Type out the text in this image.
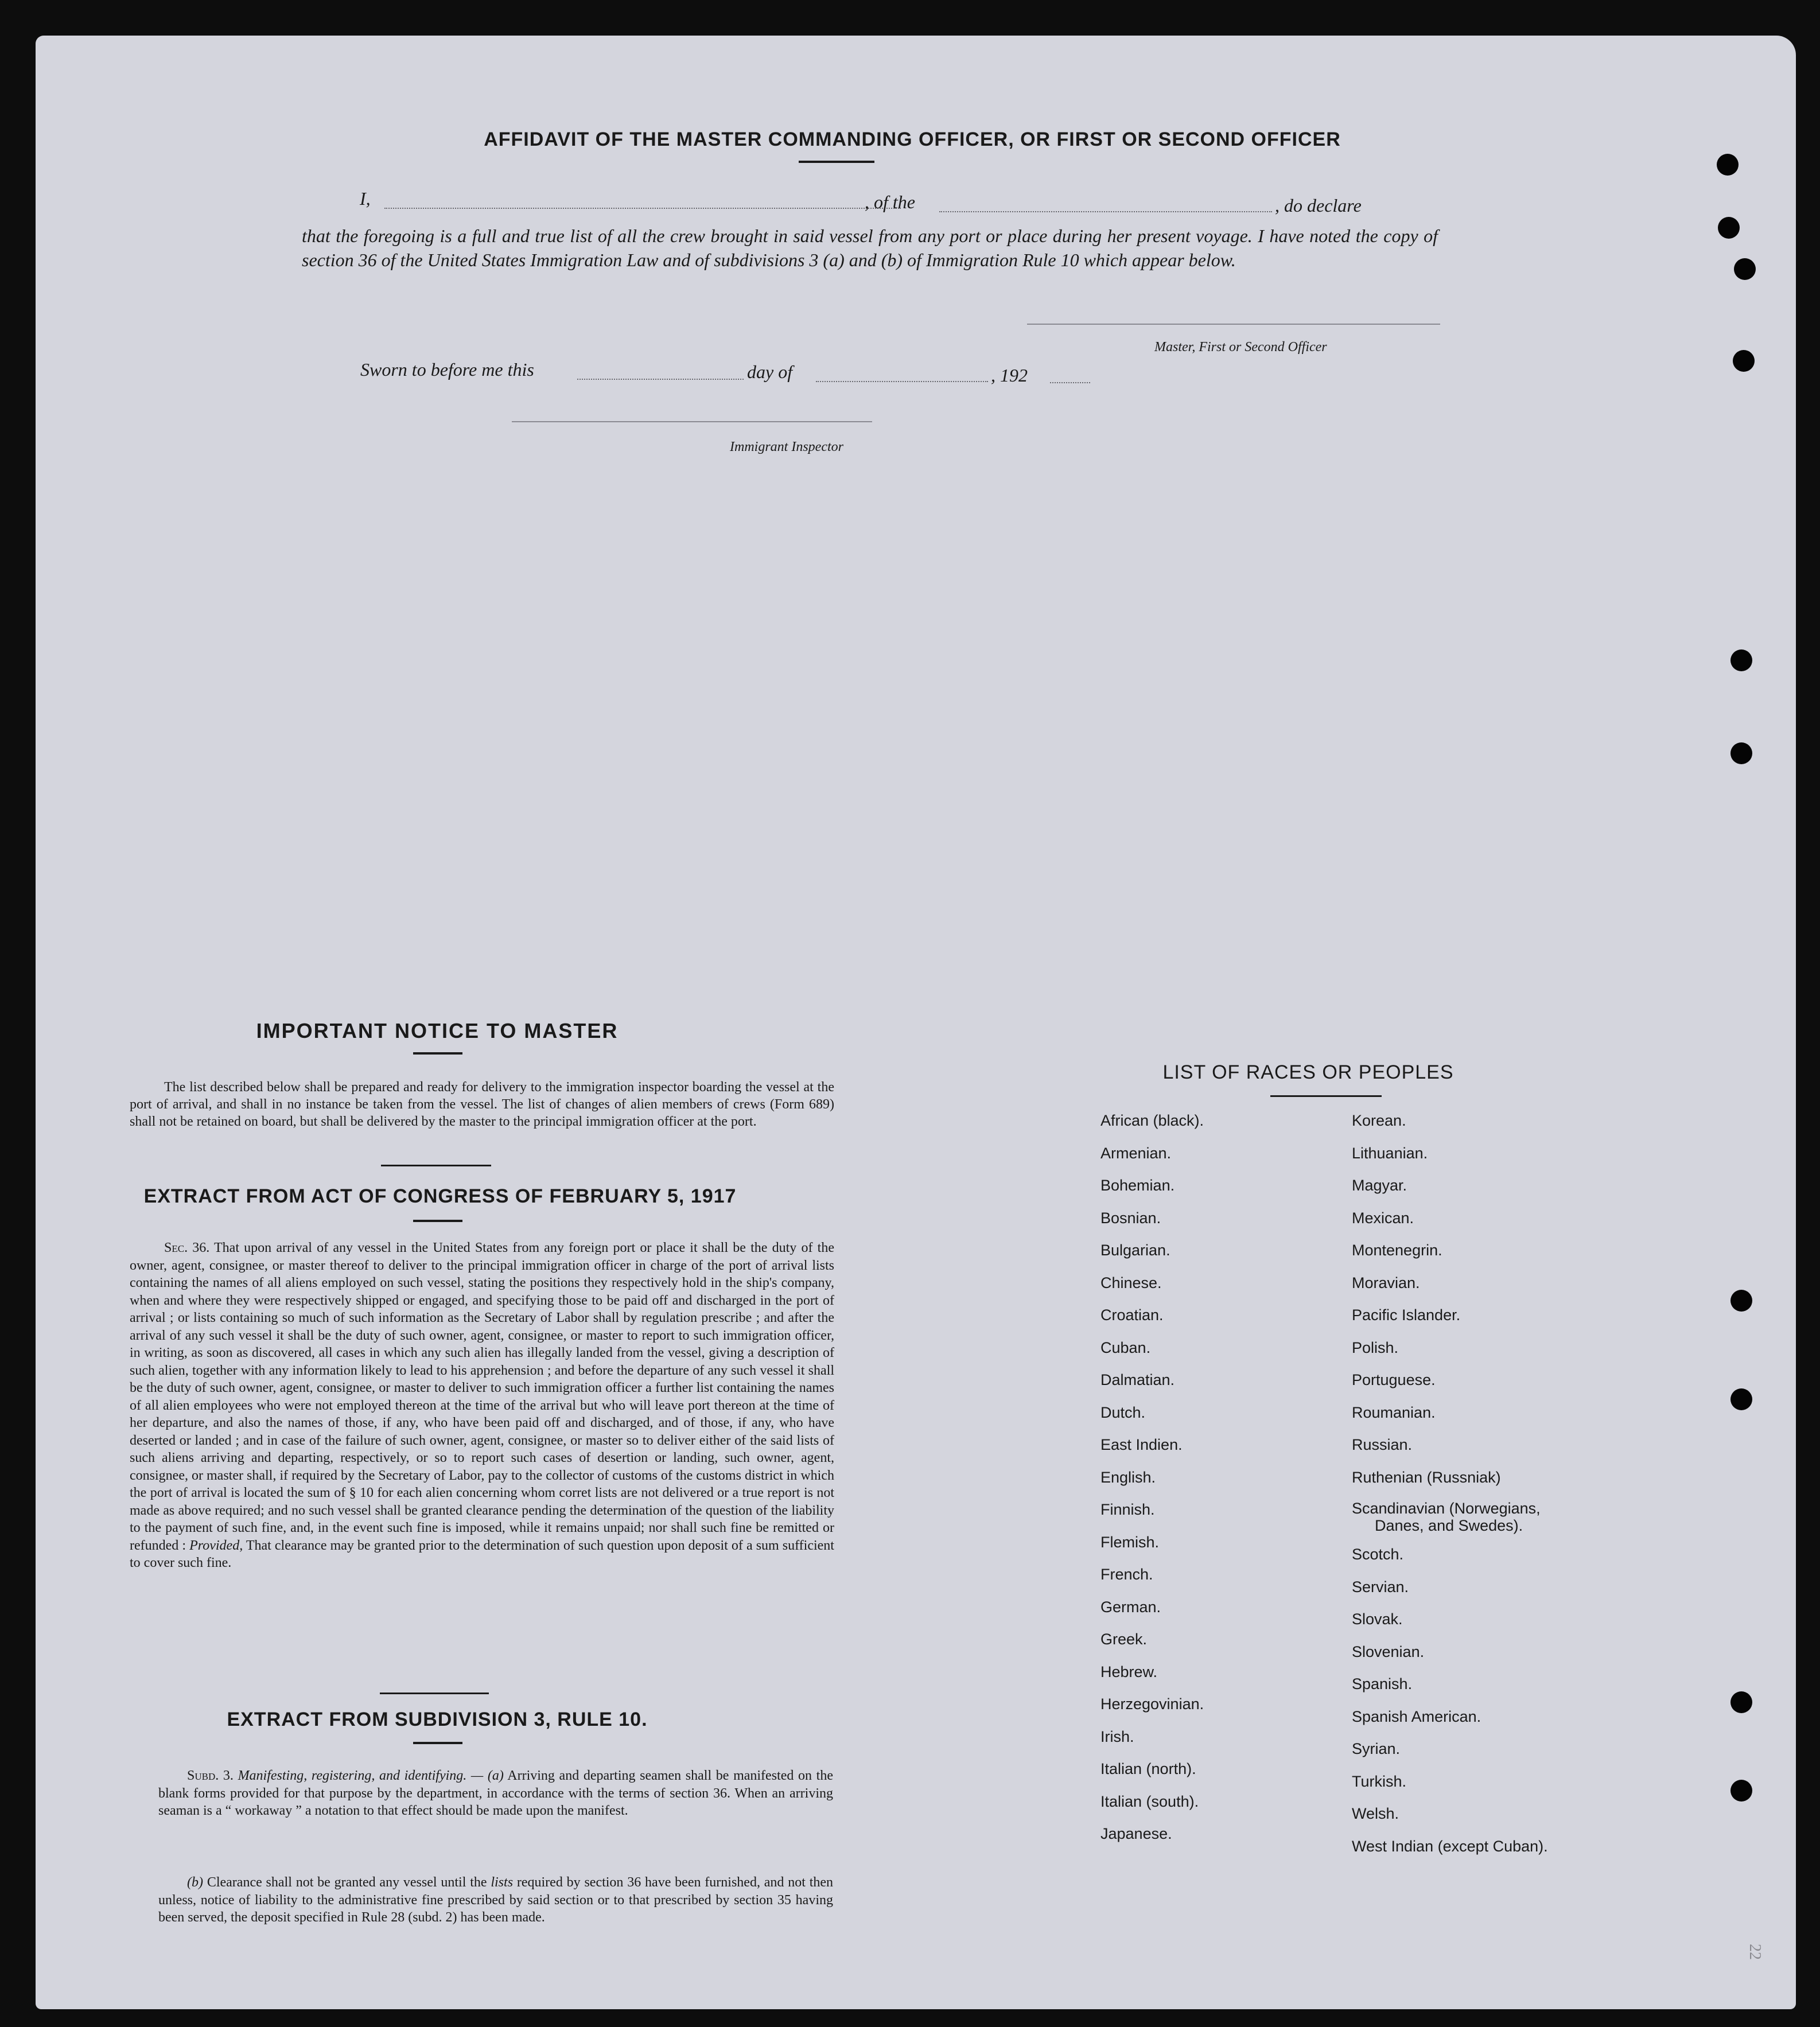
AFFIDAVIT OF THE MASTER COMMANDING OFFICER, OR FIRST OR SECOND OFFICER
I,	, of the	, do declare
that the foregoing is a full and true list of all the crew brought in said vessel from any port or place during her present voyage. I have noted the copy of section 36 of the United States Immigration Law and of subdivisions 3 (a) and (b) of Immigration Rule 10 which appear below.
Master, First or Second Officer
Sworn to before me this	day of	, 192
Immigrant Inspector
IMPORTANT NOTICE TO MASTER
The list described below shall be prepared and ready for delivery to the immigration inspector boarding the vessel at the port of arrival, and shall in no instance be taken from the vessel. The list of changes of alien members of crews (Form 689) shall not be retained on board, but shall be delivered by the master to the principal immigration officer at the port.
EXTRACT FROM ACT OF CONGRESS OF FEBRUARY 5, 1917
Sec. 36. That upon arrival of any vessel in the United States from any foreign port or place it shall be the duty of the owner, agent, consignee, or master thereof to deliver to the principal immigration officer in charge of the port of arrival lists containing the names of all aliens employed on such vessel, stating the positions they respectively hold in the ship's company, when and where they were respectively shipped or engaged, and specifying those to be paid off and discharged in the port of arrival ; or lists containing so much of such information as the Secretary of Labor shall by regulation prescribe ; and after the arrival of any such vessel it shall be the duty of such owner, agent, consignee, or master to report to such immigration officer, in writing, as soon as discovered, all cases in which any such alien has illegally landed from the vessel, giving a description of such alien, together with any information likely to lead to his apprehension ; and before the departure of any such vessel it shall be the duty of such owner, agent, consignee, or master to deliver to such immigration officer a further list containing the names of all alien employees who were not employed thereon at the time of the arrival but who will leave port thereon at the time of her departure, and also the names of those, if any, who have been paid off and discharged, and of those, if any, who have deserted or landed ; and in case of the failure of such owner, agent, consignee, or master so to deliver either of the said lists of such aliens arriving and departing, respectively, or so to report such cases of desertion or landing, such owner, agent, consignee, or master shall, if required by the Secretary of Labor, pay to the collector of customs of the customs district in which the port of arrival is located the sum of § 10 for each alien concerning whom corret lists are not delivered or a true report is not made as above required; and no such vessel shall be granted clearance pending the determination of the question of the liability to the payment of such fine, and, in the event such fine is imposed, while it remains unpaid; nor shall such fine be remitted or refunded : Provided, That clearance may be granted prior to the determination of such question upon deposit of a sum sufficient to cover such fine.
EXTRACT FROM SUBDIVISION 3, RULE 10.
Subd. 3. Manifesting, registering, and identifying. — (a) Arriving and departing seamen shall be manifested on the blank forms provided for that purpose by the department, in accordance with the terms of section 36. When an arriving seaman is a “ workaway ” a notation to that effect should be made upon the manifest.
(b) Clearance shall not be granted any vessel until the lists required by section 36 have been furnished, and not then unless, notice of liability to the administrative fine prescribed by said section or to that prescribed by section 35 having been served, the deposit specified in Rule 28 (subd. 2) has been made.
LIST OF RACES OR PEOPLES
African (black).
Armenian.
Bohemian.
Bosnian.
Bulgarian.
Chinese.
Croatian.
Cuban.
Dalmatian.
Dutch.
East Indien.
English.
Finnish.
Flemish.
French.
German.
Greek.
Hebrew.
Herzegovinian.
Irish.
Italian (north).
Italian (south).
Japanese.
Korean.
Lithuanian.
Magyar.
Mexican.
Montenegrin.
Moravian.
Pacific Islander.
Polish.
Portuguese.
Roumanian.
Russian.
Ruthenian (Russniak)
Scandinavian (Norwegians,
Danes, and Swedes).
Scotch.
Servian.
Slovak.
Slovenian.
Spanish.
Spanish American.
Syrian.
Turkish.
Welsh.
West Indian (except Cuban).
22
